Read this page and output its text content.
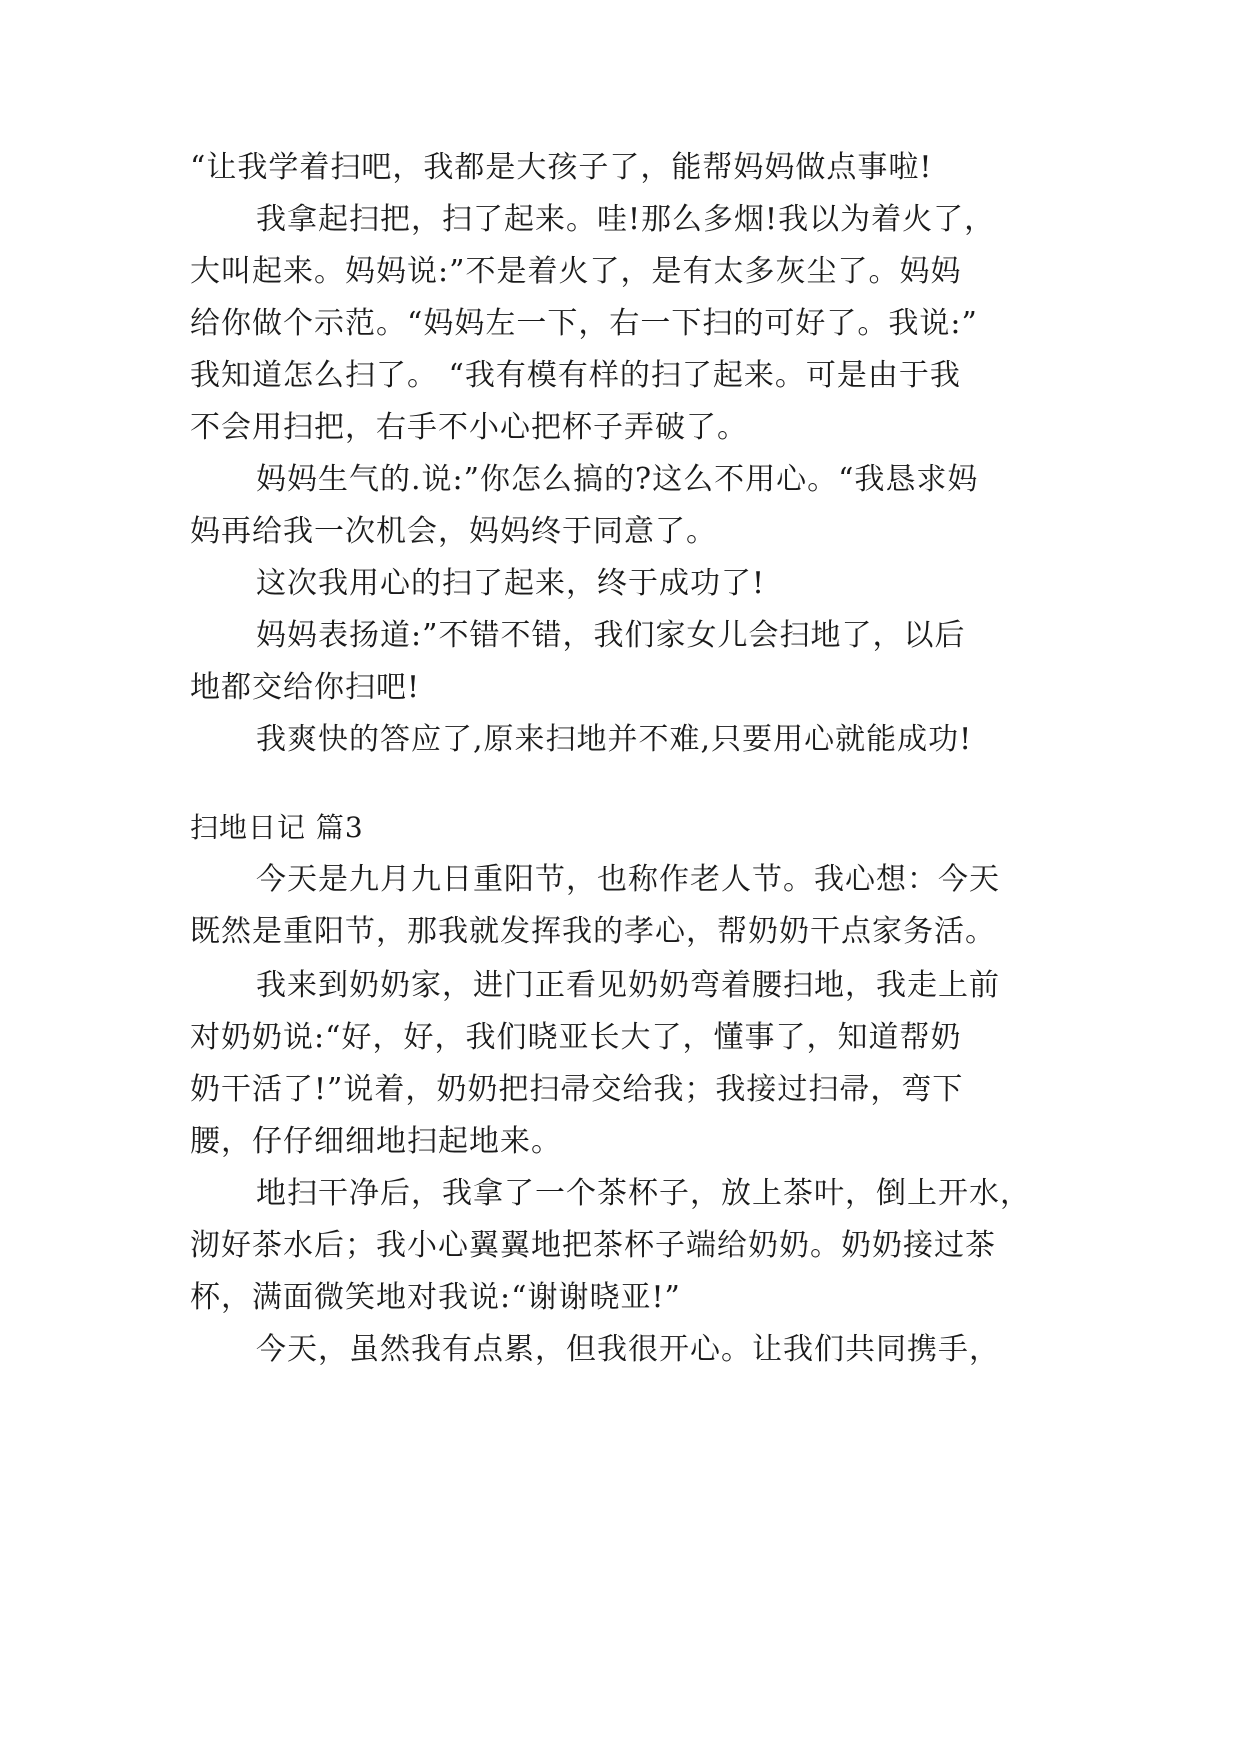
“让我学着扫吧，我都是大孩子了，能帮妈妈做点事啦!
我拿起扫把，扫了起来。哇!那么多烟!我以为着火了，
大叫起来。妈妈说:”不是着火了，是有太多灰尘了。妈妈
给你做个示范。“妈妈左一下，右一下扫的可好了。我说:”
我知道怎么扫了。 “我有模有样的扫了起来。可是由于我
不会用扫把，右手不小心把杯子弄破了。
妈妈生气的.说:”你怎么搞的?这么不用心。“我恳求妈
妈再给我一次机会，妈妈终于同意了。
这次我用心的扫了起来，终于成功了!
妈妈表扬道:”不错不错，我们家女儿会扫地了，以后
地都交给你扫吧!
我爽快的答应了,原来扫地并不难,只要用心就能成功!
扫地日记 篇3
今天是九月九日重阳节，也称作老人节。我心想：今天
既然是重阳节，那我就发挥我的孝心，帮奶奶干点家务活。
我来到奶奶家，进门正看见奶奶弯着腰扫地，我走上前
对奶奶说:“好，好，我们晓亚长大了，懂事了，知道帮奶
奶干活了!”说着，奶奶把扫帚交给我；我接过扫帚，弯下
腰，仔仔细细地扫起地来。
地扫干净后，我拿了一个茶杯子，放上茶叶，倒上开水，
沏好茶水后；我小心翼翼地把茶杯子端给奶奶。奶奶接过茶
杯，满面微笑地对我说:“谢谢晓亚!”
今天，虽然我有点累，但我很开心。让我们共同携手，
